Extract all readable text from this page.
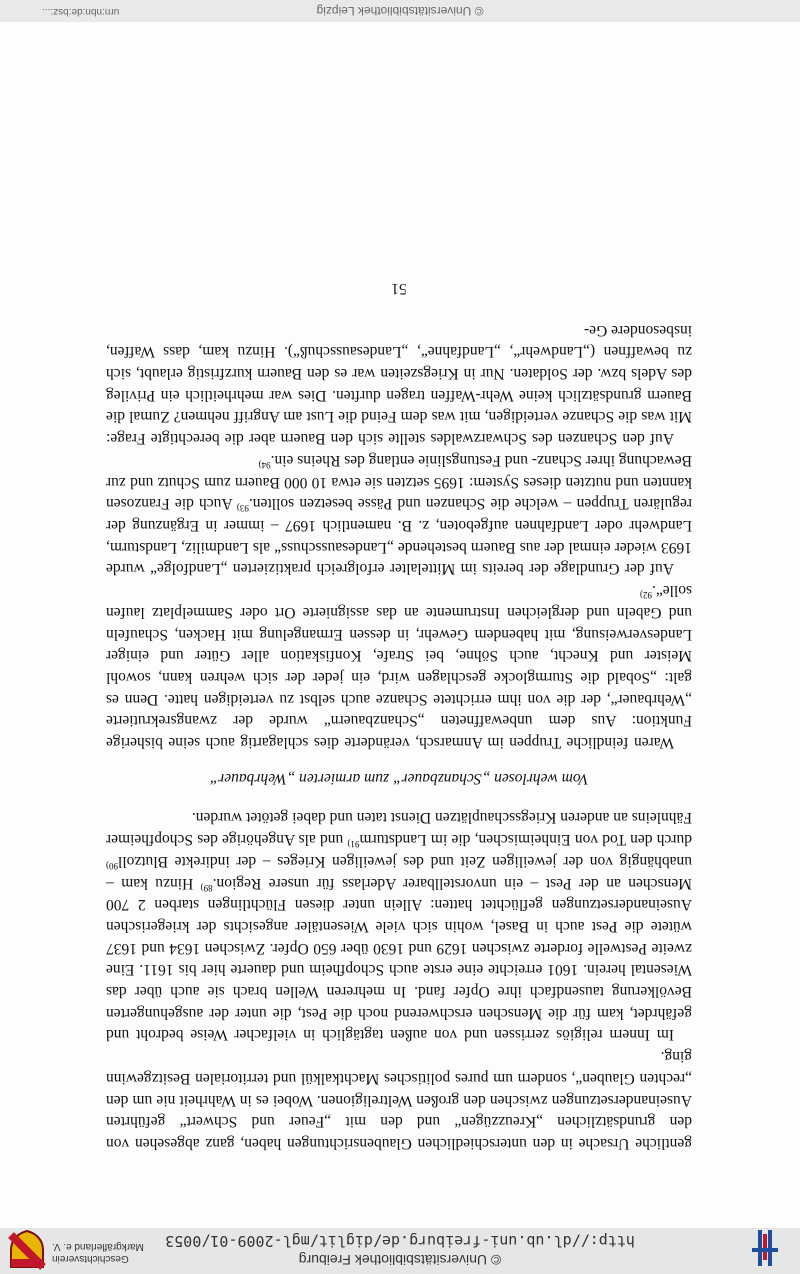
© Universitätsbibliothek Freiburg
http://dl.ub.uni-freiburg.de/diglit/mgl-2009-01/0053
Geschichtsverein
Markgräflerland e. V.

gentliche Ursache in den unterschiedlichen Glaubensrichtungen haben, ganz abgesehen von den grundsätzlichen „Kreuzzügen“ und den mit „Feuer und Schwert“ geführten Auseinandersetzungen zwischen den großen Weltreligionen. Wobei es in Wahrheit nie um den „rechten Glauben“, sondern um pures politisches Machtkalkül und territorialen Besitzgewinn ging.

Im Innern religiös zerrissen und von außen tagtäglich in vielfacher Weise bedroht und gefährdet, kam für die Menschen erschwerend noch die Pest, die unter der ausgehungerten Bevölkerung tausendfach ihre Opfer fand. In mehreren Wellen brach sie auch über das Wiesental herein. 1601 erreichte eine erste auch Schopfheim und dauerte hier bis 1611. Eine zweite Pestwelle forderte zwischen 1629 und 1630 über 650 Opfer. Zwischen 1634 und 1637 wütete die Pest auch in Basel, wohin sich viele Wiesentäler angesichts der kriegerischen Auseinandersetzungen geflüchtet hatten: Allein unter diesen Flüchtlingen starben 2 700 Menschen an der Pest – ein unvorstellbarer Aderlass für unsere Region.$^{89)}$ Hinzu kam – unabhängig von der jeweiligen Zeit und des jeweiligen Krieges – der indirekte Blutzoll$^{90)}$ durch den Tod von Einheimischen, die im Landsturm$^{91)}$ und als Angehörige des Schopfheimer Fähnleins an anderen Kriegsschauplätzen Dienst taten und dabei getötet wurden.

Vom wehrlosen „Schanzbauer“ zum armierten „Wehrbauer“

Waren feindliche Truppen im Anmarsch, veränderte dies schlagartig auch seine bisherige Funktion: Aus dem unbewaffneten „Schanzbauern“ wurde der zwangsrekrutierte „Wehrbauer“, der die von ihm errichtete Schanze auch selbst zu verteidigen hatte. Denn es galt: „Sobald die Sturmglocke geschlagen wird, ein jeder der sich wehren kann, sowohl Meister und Knecht, auch Söhne, bei Strafe, Konfiskation aller Güter und einiger Landesverweisung, mit habendem Gewehr, in dessen Ermangelung mit Hacken, Schaufeln und Gabeln und dergleichen Instrumente an das assignierte Ort oder Sammelplatz laufen solle“.$^{92)}$

Auf der Grundlage der bereits im Mittelalter erfolgreich praktizierten „Landfolge“ wurde 1693 wieder einmal der aus Bauern bestehende „Landesausschuss“ als Landmiliz, Landsturm, Landwehr oder Landfahnen aufgeboten, z. B. namentlich 1697 – immer in Ergänzung der regulären Truppen – welche die Schanzen und Pässe besetzen sollten.$^{93)}$ Auch die Franzosen kannten und nutzten dieses System: 1695 setzten sie etwa 10 000 Bauern zum Schutz und zur Bewachung ihrer Schanz- und Festungslinie entlang des Rheins ein.$^{94)}$

Auf den Schanzen des Schwarzwaldes stellte sich den Bauern aber die berechtigte Frage: Mit was die Schanze verteidigen, mit was dem Feind die Lust am Angriff nehmen? Zumal die Bauern grundsätzlich keine Wehr-Waffen tragen durften. Dies war mehrheitlich ein Privileg des Adels bzw. der Soldaten. Nur in Kriegszeiten war es den Bauern kurzfristig erlaubt, sich zu bewaffnen („Landwehr“, „Landfahne“, „Landesausschuß“). Hinzu kam, dass Waffen, insbesondere Ge-

51
© Universitätsbibliothek Leipzig
urn:nbn:de:bsz:...
